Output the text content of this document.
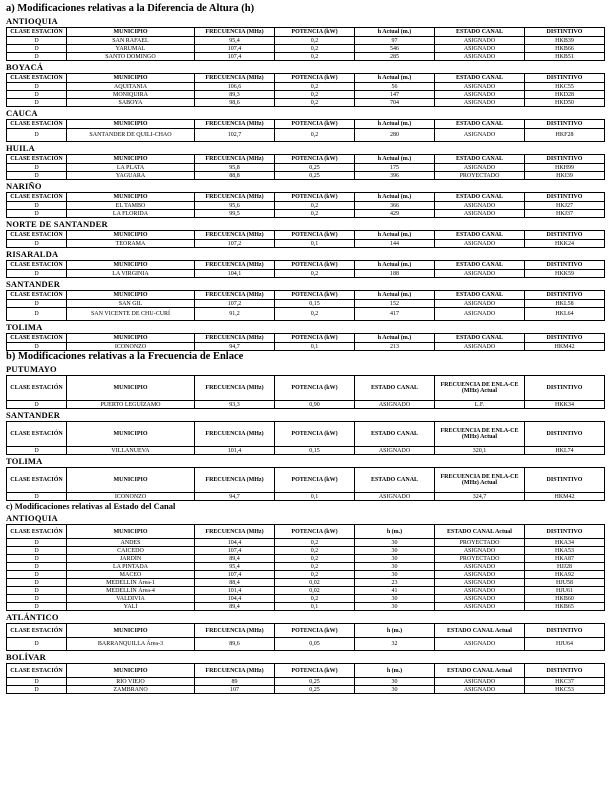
a) Modificaciones relativas a la Diferencia de Altura (h)
ANTIOQUIA
CLASE ESTACIÓN	MUNICIPIO	FRECUENCIA (MHz)	POTENCIA (kW)	h Actual (m.)	ESTADO CANAL	DISTINTIVO
D	SAN RAFAEL	95,4	0,2	97	ASIGNADO	HKB39
D	YARUMAL	107,4	0,2	546	ASIGNADO	HKB66
D	SANTO DOMINGO	107,4	0,2	285	ASIGNADO	HKB51
BOYACÁ
CLASE ESTACIÓN	MUNICIPIO	FRECUENCIA (MHz)	POTENCIA (kW)	h Actual (m.)	ESTADO CANAL	DISTINTIVO
D	AQUITANIA	106,6	0,2	56	ASIGNADO	HKC55
D	MONIQUIRÁ	89,3	0,2	147	ASIGNADO	HKD28
D	SABOYA	98,6	0,2	704	ASIGNADO	HKD50
CAUCA
CLASE ESTACIÓN	MUNICIPIO	FRECUENCIA (MHz)	POTENCIA (kW)	h Actual (m.)	ESTADO CANAL	DISTINTIVO
D	SANTANDER DE QUILI-CHAO	102,7	0,2	280	ASIGNADO	HKF28
HUILA
CLASE ESTACIÓN	MUNICIPIO	FRECUENCIA (MHz)	POTENCIA (kW)	h Actual (m.)	ESTADO CANAL	DISTINTIVO
D	LA PLATA	95,8	0,25	175	ASIGNADO	HKH99
D	YAGUARÁ	88,8	0,25	396	PROYECTADO	HKI39
NARIÑO
CLASE ESTACIÓN	MUNICIPIO	FRECUENCIA (MHz)	POTENCIA (kW)	h Actual (m.)	ESTADO CANAL	DISTINTIVO
D	EL TAMBO	95,6	0,2	366	ASIGNADO	HKJ27
D	LA FLORIDA	99,5	0,2	429	ASIGNADO	HKJ37
NORTE DE SANTANDER
CLASE ESTACIÓN	MUNICIPIO	FRECUENCIA (MHz)	POTENCIA (kW)	h Actual (m.)	ESTADO CANAL	DISTINTIVO
D	TEORAMA	107,2	0,1	144	ASIGNADO	HKK24
RISARALDA
CLASE ESTACIÓN	MUNICIPIO	FRECUENCIA (MHz)	POTENCIA (kW)	h Actual (m.)	ESTADO CANAL	DISTINTIVO
D	LA VIRGINIA	104,1	0,2	188	ASIGNADO	HKK59
SANTANDER
CLASE ESTACIÓN	MUNICIPIO	FRECUENCIA (MHz)	POTENCIA (kW)	h Actual (m.)	ESTADO CANAL	DISTINTIVO
D	SAN GIL	107,2	0,15	152	ASIGNADO	HKL58
D	SAN VICENTE DE CHU-CURÍ	91,2	0,2	417	ASIGNADO	HKL64
TOLIMA
CLASE ESTACIÓN	MUNICIPIO	FRECUENCIA (MHz)	POTENCIA (kW)	h Actual (m.)	ESTADO CANAL	DISTINTIVO
D	ICONONZO	94,7	0,1	213	ASIGNADO	HKM42
b) Modificaciones relativas a la Frecuencia de Enlace
PUTUMAYO
CLASE ESTACIÓN	MUNICIPIO	FRECUENCIA (MHz)	POTENCIA (kW)	ESTADO CANAL	FRECUENCIA DE ENLA-CE (MHz) Actual	DISTINTIVO
D	PUERTO LEGUÍZAMO	93,3	0,90	ASIGNADO	L.F.	HKK34
SANTANDER
CLASE ESTACIÓN	MUNICIPIO	FRECUENCIA (MHz)	POTENCIA (kW)	ESTADO CANAL	FRECUENCIA DE ENLA-CE (MHz) Actual	DISTINTIVO
D	VILLANUEVA	101,4	0,15	ASIGNADO	320,1	HKL74
TOLIMA
CLASE ESTACIÓN	MUNICIPIO	FRECUENCIA (MHz)	POTENCIA (kW)	ESTADO CANAL	FRECUENCIA DE ENLA-CE (MHz) Actual	DISTINTIVO
D	ICONONZO	94,7	0,1	ASIGNADO	324,7	HKM42
c) Modificaciones relativas al Estado del Canal
ANTIOQUIA
CLASE ESTACIÓN	MUNICIPIO	FRECUENCIA (MHz)	POTENCIA (kW)	h (m.)	ESTADO CANAL Actual	DISTINTIVO
D	ANDES	104,4	0,2	30	PROYECTADO	HKA34
D	CAICEDO	107,4	0,2	30	ASIGNADO	HKA53
D	JARDÍN	89,4	0,2	30	PROYECTADO	HKA87
D	LA PINTADA	95,4	0,2	30	ASIGNADO	HJJ28
D	MACEO	107,4	0,2	30	ASIGNADO	HKA92
D	MEDELLÍN Área-1	88,4	0,02	23	ASIGNADO	HJU58
D	MEDELLÍN Área-4	101,4	0,02	41	ASIGNADO	HJU61
D	VALDIVIA	104,4	0,2	30	ASIGNADO	HKB60
D	YALÍ	89,4	0,1	30	ASIGNADO	HKB65
ATLÁNTICO
CLASE ESTACIÓN	MUNICIPIO	FRECUENCIA (MHz)	POTENCIA (kW)	h (m.)	ESTADO CANAL Actual	DISTINTIVO
D	BARRANQUILLA Área-3	89,6	0,05	32	ASIGNADO	HJU64
BOLÍVAR
CLASE ESTACIÓN	MUNICIPIO	FRECUENCIA (MHz)	POTENCIA (kW)	h (m.)	ESTADO CANAL Actual	DISTINTIVO
D	RÍO VIEJO	89	0,25	30	ASIGNADO	HKC37
D	ZAMBRANO	107	0,25	30	ASIGNADO	HKC53
